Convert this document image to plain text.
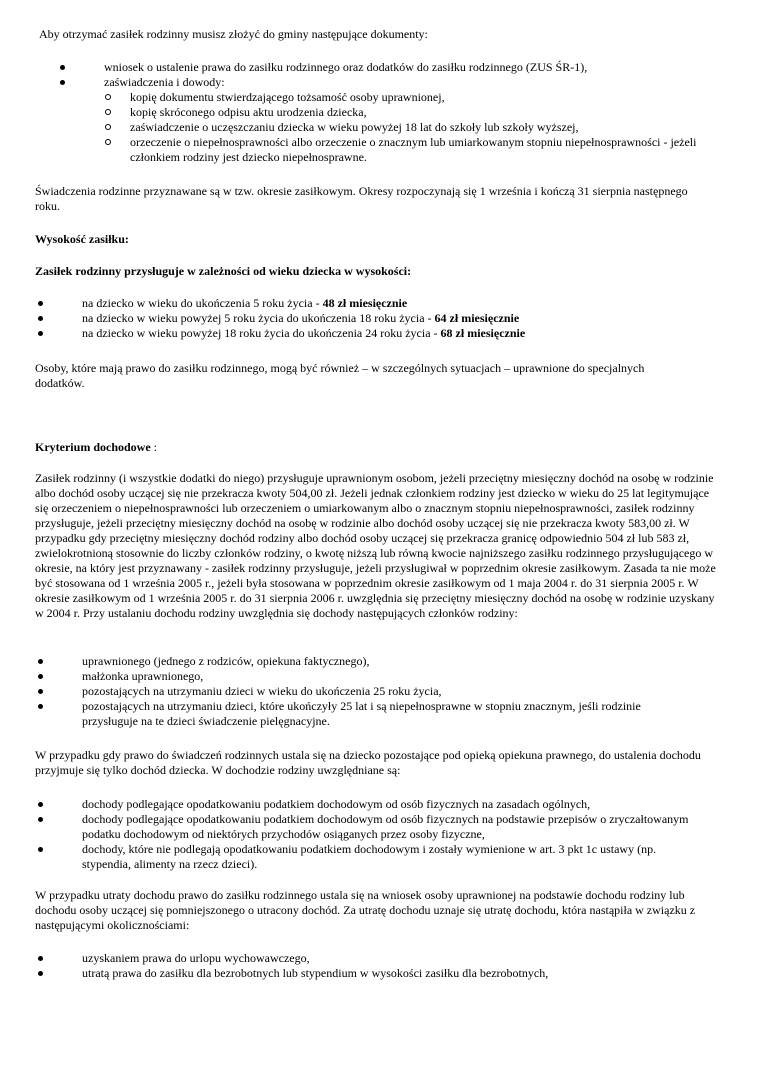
Aby otrzymać zasiłek rodzinny musisz złożyć do gminy następujące dokumenty:

wniosek o ustalenie prawa do zasiłku rodzinnego oraz dodatków do zasiłku rodzinnego (ZUS ŚR-1),
zaświadczenia i dowody:
kopię dokumentu stwierdzającego tożsamość osoby uprawnionej,
kopię skróconego odpisu aktu urodzenia dziecka,
zaświadczenie o uczęszczaniu dziecka w wieku powyżej 18 lat do szkoły lub szkoły wyższej,
orzeczenie o niepełnosprawności albo orzeczenie o znacznym lub umiarkowanym stopniu niepełnosprawności - jeżeli członkiem rodziny jest dziecko niepełnosprawne.

Świadczenia rodzinne przyznawane są w tzw. okresie zasiłkowym. Okresy rozpoczynają się 1 września i kończą 31 sierpnia następnego roku.

Wysokość zasiłku:

Zasiłek rodzinny przysługuje w zależności od wieku dziecka w wysokości:

na dziecko w wieku do ukończenia 5 roku życia - 48 zł miesięcznie
na dziecko w wieku powyżej 5 roku życia do ukończenia 18 roku życia - 64 zł miesięcznie
na dziecko w wieku powyżej 18 roku życia do ukończenia 24 roku życia - 68 zł miesięcznie

Osoby, które mają prawo do zasiłku rodzinnego, mogą być również – w szczególnych sytuacjach – uprawnione do specjalnych dodatków.

Kryterium dochodowe :

Zasiłek rodzinny (i wszystkie dodatki do niego) przysługuje uprawnionym osobom, jeżeli przeciętny miesięczny dochód na osobę w rodzinie albo dochód osoby uczącej się nie przekracza kwoty 504,00 zł. Jeżeli jednak członkiem rodziny jest dziecko w wieku do 25 lat legitymujące się orzeczeniem o niepełnosprawności lub orzeczeniem o umiarkowanym albo o znacznym stopniu niepełnosprawności, zasiłek rodzinny przysługuje, jeżeli przeciętny miesięczny dochód na osobę w rodzinie albo dochód osoby uczącej się nie przekracza kwoty 583,00 zł. W przypadku gdy przeciętny miesięczny dochód rodziny albo dochód osoby uczącej się przekracza granicę odpowiednio 504 zł lub 583 zł, zwielokrotnioną stosownie do liczby członków rodziny, o kwotę niższą lub równą kwocie najniższego zasiłku rodzinnego przysługującego w okresie, na który jest przyznawany - zasiłek rodzinny przysługuje, jeżeli przysługiwał w poprzednim okresie zasiłkowym. Zasada ta nie może być stosowana od 1 września 2005 r., jeżeli była stosowana w poprzednim okresie zasiłkowym od 1 maja 2004 r. do 31 sierpnia 2005 r. W okresie zasiłkowym od 1 września 2005 r. do 31 sierpnia 2006 r. uwzględnia się przeciętny miesięczny dochód na osobę w rodzinie uzyskany w 2004 r. Przy ustalaniu dochodu rodziny uwzględnia się dochody następujących członków rodziny:

uprawnionego (jednego z rodziców, opiekuna faktycznego),
małżonka uprawnionego,
pozostających na utrzymaniu dzieci w wieku do ukończenia 25 roku życia,
pozostających na utrzymaniu dzieci, które ukończyły 25 lat i są niepełnosprawne w stopniu znacznym, jeśli rodzinie przysługuje na te dzieci świadczenie pielęgnacyjne.

W przypadku gdy prawo do świadczeń rodzinnych ustala się na dziecko pozostające pod opieką opiekuna prawnego, do ustalenia dochodu przyjmuje się tylko dochód dziecka. W dochodzie rodziny uwzględniane są:

dochody podlegające opodatkowaniu podatkiem dochodowym od osób fizycznych na zasadach ogólnych,
dochody podlegające opodatkowaniu podatkiem dochodowym od osób fizycznych na podstawie przepisów o zryczałtowanym podatku dochodowym od niektórych przychodów osiąganych przez osoby fizyczne,
dochody, które nie podlegają opodatkowaniu podatkiem dochodowym i zostały wymienione w art. 3 pkt 1c ustawy (np. stypendia, alimenty na rzecz dzieci).

W przypadku utraty dochodu prawo do zasiłku rodzinnego ustala się na wniosek osoby uprawnionej na podstawie dochodu rodziny lub dochodu osoby uczącej się pomniejszonego o utracony dochód. Za utratę dochodu uznaje się utratę dochodu, która nastąpiła w związku z następującymi okolicznościami:

uzyskaniem prawa do urlopu wychowawczego,
utratą prawa do zasiłku dla bezrobotnych lub stypendium w wysokości zasiłku dla bezrobotnych,
